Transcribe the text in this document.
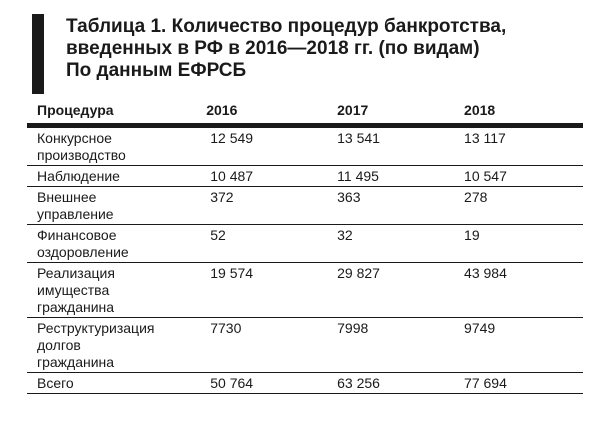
Таблица 1. Количество процедур банкротства,
введенных в РФ в 2016—2018 гг. (по видам)
По данным ЕФРСБ
Процедура	2016	2017	2018

Конкурсное
производство	12 549	13 541	13 117

Наблюдение	10 487	11 495	10 547

Внешнее
управление	372	363	278

Финансовое
оздоровление	52	32	19

Реализация
имущества
гражданина	19 574	29 827	43 984

Реструктуризация
долгов
гражданина	7730	7998	9749

Всего	50 764	63 256	77 694
